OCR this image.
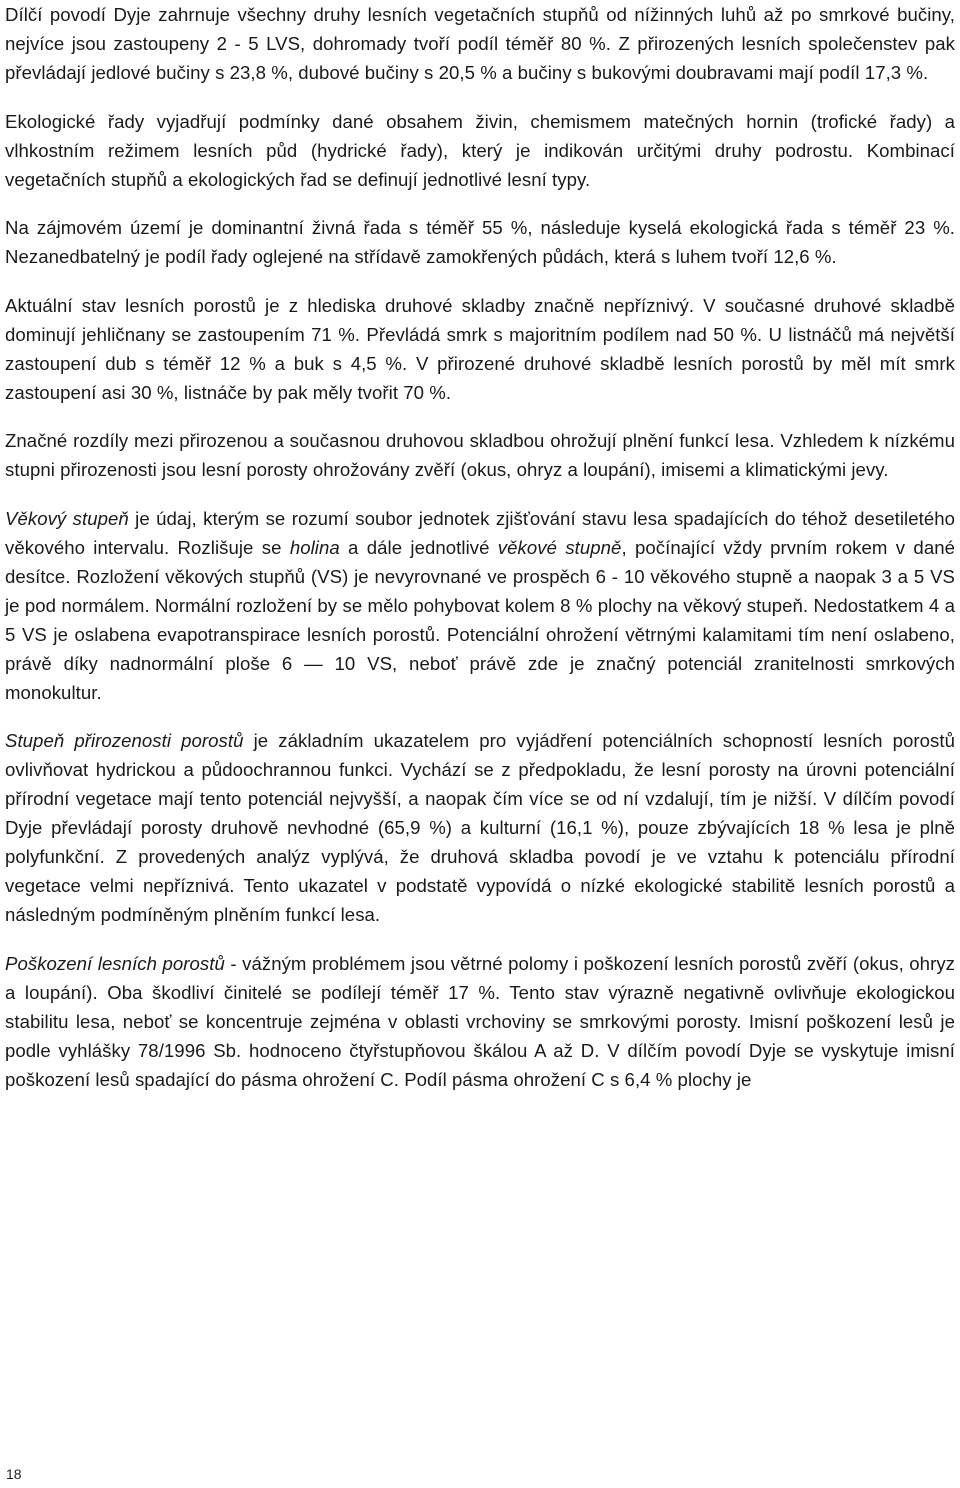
Dílčí povodí Dyje zahrnuje všechny druhy lesních vegetačních stupňů od nížinných luhů až po smrkové bučiny, nejvíce jsou zastoupeny 2 - 5 LVS, dohromady tvoří podíl téměř 80 %. Z přirozených lesních společenstev pak převládají jedlové bučiny s 23,8 %, dubové bučiny s 20,5 % a bučiny s bukovými doubravami mají podíl 17,3 %.

Ekologické řady vyjadřují podmínky dané obsahem živin, chemismem matečných hornin (trofické řady) a vlhkostním režimem lesních půd (hydrické řady), který je indikován určitými druhy podrostu. Kombinací vegetačních stupňů a ekologických řad se definují jednotlivé lesní typy.

Na zájmovém území je dominantní živná řada s téměř 55 %, následuje kyselá ekologická řada s téměř 23 %. Nezanedbatelný je podíl řady oglejené na střídavě zamokřených půdách, která s luhem tvoří 12,6 %.

Aktuální stav lesních porostů je z hlediska druhové skladby značně nepříznivý. V současné druhové skladbě dominují jehličnany se zastoupením 71 %. Převládá smrk s majoritním podílem nad 50 %. U listnáčů má největší zastoupení dub s téměř 12 % a buk s 4,5 %. V přirozené druhové skladbě lesních porostů by měl mít smrk zastoupení asi 30 %, listnáče by pak měly tvořit 70 %.

Značné rozdíly mezi přirozenou a současnou druhovou skladbou ohrožují plnění funkcí lesa. Vzhledem k nízkému stupni přirozenosti jsou lesní porosty ohrožovány zvěří (okus, ohryz a loupání), imisemi a klimatickými jevy.

Věkový stupeň je údaj, kterým se rozumí soubor jednotek zjišťování stavu lesa spadajících do téhož desetiletého věkového intervalu. Rozlišuje se holina a dále jednotlivé věkové stupně, počínající vždy prvním rokem v dané desítce. Rozložení věkových stupňů (VS) je nevyrovnané ve prospěch 6 - 10 věkového stupně a naopak 3 a 5 VS je pod normálem. Normální rozložení by se mělo pohybovat kolem 8 % plochy na věkový stupeň. Nedostatkem 4 a 5 VS je oslabena evapotranspirace lesních porostů. Potenciální ohrožení větrnými kalamitami tím není oslabeno, právě díky nadnormální ploše 6 — 10 VS, neboť právě zde je značný potenciál zranitelnosti smrkových monokultur.

Stupeň přirozenosti porostů je základním ukazatelem pro vyjádření potenciálních schopností lesních porostů ovlivňovat hydrickou a půdoochrannou funkci. Vychází se z předpokladu, že lesní porosty na úrovni potenciální přírodní vegetace mají tento potenciál nejvyšší, a naopak čím více se od ní vzdalují, tím je nižší. V dílčím povodí Dyje převládají porosty druhově nevhodné (65,9 %) a kulturní (16,1 %), pouze zbývajících 18 % lesa je plně polyfunkční. Z provedených analýz vyplývá, že druhová skladba povodí je ve vztahu k potenciálu přírodní vegetace velmi nepříznivá. Tento ukazatel v podstatě vypovídá o nízké ekologické stabilitě lesních porostů a následným podmíněným plněním funkcí lesa.

Poškození lesních porostů - vážným problémem jsou větrné polomy i poškození lesních porostů zvěří (okus, ohryz a loupání). Oba škodliví činitelé se podílejí téměř 17 %. Tento stav výrazně negativně ovlivňuje ekologickou stabilitu lesa, neboť se koncentruje zejména v oblasti vrchoviny se smrkovými porosty. Imisní poškození lesů je podle vyhlášky 78/1996 Sb. hodnoceno čtyřstupňovou škálou A až D. V dílčím povodí Dyje se vyskytuje imisní poškození lesů spadající do pásma ohrožení C. Podíl pásma ohrožení C s 6,4 % plochy je

18
